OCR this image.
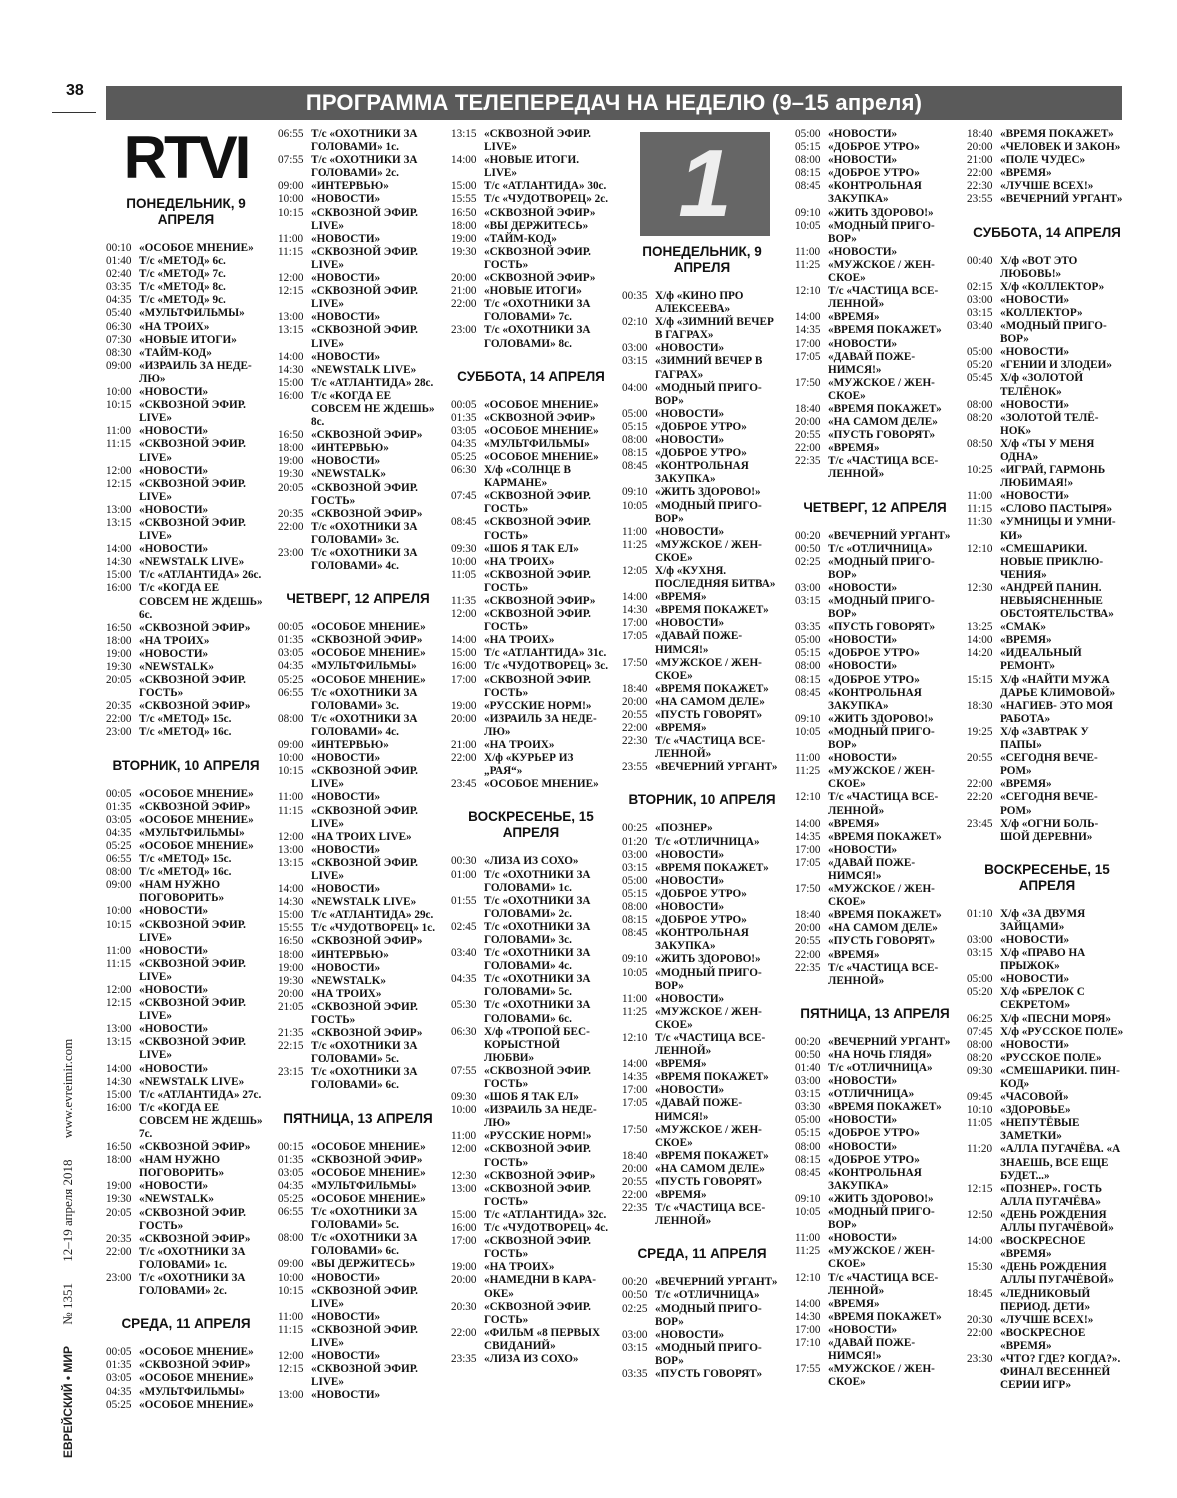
38	ПРОГРАММА ТЕЛЕПЕРЕДАЧ НА НЕДЕЛЮ (9–15 апреля)
ЕВРЕЙСКИЙ • МИР № 1351 12–19 апреля 2018 www.evreimir.com
RTVI
ПОНЕДЕЛЬНИК, 9 АПРЕЛЯ
00:10 «ОСОБОЕ МНЕНИЕ»
01:40 Т/с «МЕТОД» 6с.
02:40 Т/с «МЕТОД» 7с.
03:35 Т/с «МЕТОД» 8с.
04:35 Т/с «МЕТОД» 9с.
05:40 «МУЛЬТФИЛЬМЫ»
06:30 «НА ТРОИХ»
07:30 «НОВЫЕ ИТОГИ»
08:30 «ТАЙМ-КОД»
09:00 «ИЗРАИЛЬ ЗА НЕДЕ-ЛЮ»
10:00 «НОВОСТИ»
10:15 «СКВОЗНОЙ ЭФИР. LIVE»
11:00 «НОВОСТИ»
11:15 «СКВОЗНОЙ ЭФИР. LIVE»
12:00 «НОВОСТИ»
12:15 «СКВОЗНОЙ ЭФИР. LIVE»
13:00 «НОВОСТИ»
13:15 «СКВОЗНОЙ ЭФИР. LIVE»
14:00 «НОВОСТИ»
14:30 «NEWSTALK LIVE»
15:00 Т/с «АТЛАНТИДА» 26с.
16:00 Т/с «КОГДА ЕЕ СОВСЕМ НЕ ЖДЕШЬ» 6с.
16:50 «СКВОЗНОЙ ЭФИР»
18:00 «НА ТРОИХ»
19:00 «НОВОСТИ»
19:30 «NEWSTALK»
20:05 «СКВОЗНОЙ ЭФИР. ГОСТЬ»
20:35 «СКВОЗНОЙ ЭФИР»
22:00 Т/с «МЕТОД» 15с.
23:00 Т/с «МЕТОД» 16с.
ВТОРНИК, 10 АПРЕЛЯ
00:05 «ОСОБОЕ МНЕНИЕ»
01:35 «СКВОЗНОЙ ЭФИР»
03:05 «ОСОБОЕ МНЕНИЕ»
04:35 «МУЛЬТФИЛЬМЫ»
05:25 «ОСОБОЕ МНЕНИЕ»
06:55 Т/с «МЕТОД» 15с.
08:00 Т/с «МЕТОД» 16с.
09:00 «НАМ НУЖНО ПОГОВОРИТЬ»
10:00 «НОВОСТИ»
10:15 «СКВОЗНОЙ ЭФИР. LIVE»
11:00 «НОВОСТИ»
11:15 «СКВОЗНОЙ ЭФИР. LIVE»
12:00 «НОВОСТИ»
12:15 «СКВОЗНОЙ ЭФИР. LIVE»
13:00 «НОВОСТИ»
13:15 «СКВОЗНОЙ ЭФИР. LIVE»
14:00 «НОВОСТИ»
14:30 «NEWSTALK LIVE»
15:00 Т/с «АТЛАНТИДА» 27с.
16:00 Т/с «КОГДА ЕЕ СОВСЕМ НЕ ЖДЕШЬ» 7с.
16:50 «СКВОЗНОЙ ЭФИР»
18:00 «НАМ НУЖНО ПОГОВОРИТЬ»
19:00 «НОВОСТИ»
19:30 «NEWSTALK»
20:05 «СКВОЗНОЙ ЭФИР. ГОСТЬ»
20:35 «СКВОЗНОЙ ЭФИР»
22:00 Т/с «ОХОТНИКИ ЗА ГОЛОВАМИ» 1с.
23:00 Т/с «ОХОТНИКИ ЗА ГОЛОВАМИ» 2с.
СРЕДА, 11 АПРЕЛЯ
00:05 «ОСОБОЕ МНЕНИЕ»
01:35 «СКВОЗНОЙ ЭФИР»
03:05 «ОСОБОЕ МНЕНИЕ»
04:35 «МУЛЬТФИЛЬМЫ»
05:25 «ОСОБОЕ МНЕНИЕ»
06:55 Т/с «ОХОТНИКИ ЗА ГОЛОВАМИ» 1с.
07:55 Т/с «ОХОТНИКИ ЗА ГОЛОВАМИ» 2с.
09:00 «ИНТЕРВЬЮ»
10:00 «НОВОСТИ»
10:15 «СКВОЗНОЙ ЭФИР. LIVE»
11:00 «НОВОСТИ»
11:15 «СКВОЗНОЙ ЭФИР. LIVE»
12:00 «НОВОСТИ»
12:15 «СКВОЗНОЙ ЭФИР. LIVE»
13:00 «НОВОСТИ»
13:15 «СКВОЗНОЙ ЭФИР. LIVE»
14:00 «НОВОСТИ»
14:30 «NEWSTALK LIVE»
15:00 Т/с «АТЛАНТИДА» 28с.
16:00 Т/с «КОГДА ЕЕ СОВСЕМ НЕ ЖДЕШЬ» 8с.
16:50 «СКВОЗНОЙ ЭФИР»
18:00 «ИНТЕРВЬЮ»
19:00 «НОВОСТИ»
19:30 «NEWSTALK»
20:05 «СКВОЗНОЙ ЭФИР. ГОСТЬ»
20:35 «СКВОЗНОЙ ЭФИР»
22:00 Т/с «ОХОТНИКИ ЗА ГОЛОВАМИ» 3с.
23:00 Т/с «ОХОТНИКИ ЗА ГОЛОВАМИ» 4с.
ЧЕТВЕРГ, 12 АПРЕЛЯ
00:05 «ОСОБОЕ МНЕНИЕ»
01:35 «СКВОЗНОЙ ЭФИР»
03:05 «ОСОБОЕ МНЕНИЕ»
04:35 «МУЛЬТФИЛЬМЫ»
05:25 «ОСОБОЕ МНЕНИЕ»
06:55 Т/с «ОХОТНИКИ ЗА ГОЛОВАМИ» 3с.
08:00 Т/с «ОХОТНИКИ ЗА ГОЛОВАМИ» 4с.
09:00 «ИНТЕРВЬЮ»
10:00 «НОВОСТИ»
10:15 «СКВОЗНОЙ ЭФИР. LIVE»
11:00 «НОВОСТИ»
11:15 «СКВОЗНОЙ ЭФИР. LIVE»
12:00 «НА ТРОИХ LIVE»
13:00 «НОВОСТИ»
13:15 «СКВОЗНОЙ ЭФИР. LIVE»
14:00 «НОВОСТИ»
14:30 «NEWSTALK LIVE»
15:00 Т/с «АТЛАНТИДА» 29с.
15:55 Т/с «ЧУДОТВОРЕЦ» 1с.
16:50 «СКВОЗНОЙ ЭФИР»
18:00 «ИНТЕРВЬЮ»
19:00 «НОВОСТИ»
19:30 «NEWSTALK»
20:00 «НА ТРОИХ»
21:05 «СКВОЗНОЙ ЭФИР. ГОСТЬ»
21:35 «СКВОЗНОЙ ЭФИР»
22:15 Т/с «ОХОТНИКИ ЗА ГОЛОВАМИ» 5с.
23:15 Т/с «ОХОТНИКИ ЗА ГОЛОВАМИ» 6с.
ПЯТНИЦА, 13 АПРЕЛЯ
00:15 «ОСОБОЕ МНЕНИЕ»
01:35 «СКВОЗНОЙ ЭФИР»
03:05 «ОСОБОЕ МНЕНИЕ»
04:35 «МУЛЬТФИЛЬМЫ»
05:25 «ОСОБОЕ МНЕНИЕ»
06:55 Т/с «ОХОТНИКИ ЗА ГОЛОВАМИ» 5с.
08:00 Т/с «ОХОТНИКИ ЗА ГОЛОВАМИ» 6с.
09:00 «ВЫ ДЕРЖИТЕСЬ»
10:00 «НОВОСТИ»
10:15 «СКВОЗНОЙ ЭФИР. LIVE»
11:00 «НОВОСТИ»
11:15 «СКВОЗНОЙ ЭФИР. LIVE»
12:00 «НОВОСТИ»
12:15 «СКВОЗНОЙ ЭФИР. LIVE»
13:00 «НОВОСТИ»
13:15 «СКВОЗНОЙ ЭФИР. LIVE»
14:00 «НОВЫЕ ИТОГИ. LIVE»
15:00 Т/с «АТЛАНТИДА» 30с.
15:55 Т/с «ЧУДОТВОРЕЦ» 2с.
16:50 «СКВОЗНОЙ ЭФИР»
18:00 «ВЫ ДЕРЖИТЕСЬ»
19:00 «ТАЙМ-КОД»
19:30 «СКВОЗНОЙ ЭФИР. ГОСТЬ»
20:00 «СКВОЗНОЙ ЭФИР»
21:00 «НОВЫЕ ИТОГИ»
22:00 Т/с «ОХОТНИКИ ЗА ГОЛОВАМИ» 7с.
23:00 Т/с «ОХОТНИКИ ЗА ГОЛОВАМИ» 8с.
СУББОТА, 14 АПРЕЛЯ
00:05 «ОСОБОЕ МНЕНИЕ»
01:35 «СКВОЗНОЙ ЭФИР»
03:05 «ОСОБОЕ МНЕНИЕ»
04:35 «МУЛЬТФИЛЬМЫ»
05:25 «ОСОБОЕ МНЕНИЕ»
06:30 Х/ф «СОЛНЦЕ В КАРМАНЕ»
07:45 «СКВОЗНОЙ ЭФИР. ГОСТЬ»
08:45 «СКВОЗНОЙ ЭФИР. ГОСТЬ»
09:30 «ШОБ Я ТАК ЕЛ»
10:00 «НА ТРОИХ»
11:05 «СКВОЗНОЙ ЭФИР. ГОСТЬ»
11:35 «СКВОЗНОЙ ЭФИР»
12:00 «СКВОЗНОЙ ЭФИР. ГОСТЬ»
14:00 «НА ТРОИХ»
15:00 Т/с «АТЛАНТИДА» 31с.
16:00 Т/с «ЧУДОТВОРЕЦ» 3с.
17:00 «СКВОЗНОЙ ЭФИР. ГОСТЬ»
19:00 «РУССКИЕ НОРМ!»
20:00 «ИЗРАИЛЬ ЗА НЕДЕ-ЛЮ»
21:00 «НА ТРОИХ»
22:00 Х/ф «КУРЬЕР ИЗ „РАЯ“»
23:45 «ОСОБОЕ МНЕНИЕ»
ВОСКРЕСЕНЬЕ, 15 АПРЕЛЯ
00:30 «ЛИЗА ИЗ СОХО»
01:00 Т/с «ОХОТНИКИ ЗА ГОЛОВАМИ» 1с.
01:55 Т/с «ОХОТНИКИ ЗА ГОЛОВАМИ» 2с.
02:45 Т/с «ОХОТНИКИ ЗА ГОЛОВАМИ» 3с.
03:40 Т/с «ОХОТНИКИ ЗА ГОЛОВАМИ» 4с.
04:35 Т/с «ОХОТНИКИ ЗА ГОЛОВАМИ» 5с.
05:30 Т/с «ОХОТНИКИ ЗА ГОЛОВАМИ» 6с.
06:30 Х/ф «ТРОПОЙ БЕС-КОРЫСТНОЙ ЛЮБВИ»
07:55 «СКВОЗНОЙ ЭФИР. ГОСТЬ»
09:30 «ШОБ Я ТАК ЕЛ»
10:00 «ИЗРАИЛЬ ЗА НЕДЕ-ЛЮ»
11:00 «РУССКИЕ НОРМ!»
12:00 «СКВОЗНОЙ ЭФИР. ГОСТЬ»
12:30 «СКВОЗНОЙ ЭФИР»
13:00 «СКВОЗНОЙ ЭФИР. ГОСТЬ»
15:00 Т/с «АТЛАНТИДА» 32с.
16:00 Т/с «ЧУДОТВОРЕЦ» 4с.
17:00 «СКВОЗНОЙ ЭФИР. ГОСТЬ»
19:00 «НА ТРОИХ»
20:00 «НАМЕДНИ В КАРА-ОКЕ»
20:30 «СКВОЗНОЙ ЭФИР. ГОСТЬ»
22:00 «ФИЛЬМ «8 ПЕРВЫХ СВИДАНИЙ»
23:35 «ЛИЗА ИЗ СОХО»
1
ПОНЕДЕЛЬНИК, 9 АПРЕЛЯ
00:35 Х/ф «КИНО ПРО АЛЕКСЕЕВА»
02:10 Х/ф «ЗИМНИЙ ВЕЧЕР В ГАГРАХ»
03:00 «НОВОСТИ»
03:15 «ЗИМНИЙ ВЕЧЕР В ГАГРАХ»
04:00 «МОДНЫЙ ПРИГО-ВОР»
05:00 «НОВОСТИ»
05:15 «ДОБРОЕ УТРО»
08:00 «НОВОСТИ»
08:15 «ДОБРОЕ УТРО»
08:45 «КОНТРОЛЬНАЯ ЗАКУПКА»
09:10 «ЖИТЬ ЗДОРОВО!»
10:05 «МОДНЫЙ ПРИГО-ВОР»
11:00 «НОВОСТИ»
11:25 «МУЖСКОЕ / ЖЕН-СКОЕ»
12:05 Х/ф «КУХНЯ. ПОСЛЕДНЯЯ БИТВА»
14:00 «ВРЕМЯ»
14:30 «ВРЕМЯ ПОКАЖЕТ»
17:00 «НОВОСТИ»
17:05 «ДАВАЙ ПОЖЕ-НИМСЯ!»
17:50 «МУЖСКОЕ / ЖЕН-СКОЕ»
18:40 «ВРЕМЯ ПОКАЖЕТ»
20:00 «НА САМОМ ДЕЛЕ»
20:55 «ПУСТЬ ГОВОРЯТ»
22:00 «ВРЕМЯ»
22:30 Т/с «ЧАСТИЦА ВСЕ-ЛЕННОЙ»
23:55 «ВЕЧЕРНИЙ УРГАНТ»
ВТОРНИК, 10 АПРЕЛЯ
00:25 «ПОЗНЕР»
01:20 Т/с «ОТЛИЧНИЦА»
03:00 «НОВОСТИ»
03:15 «ВРЕМЯ ПОКАЖЕТ»
05:00 «НОВОСТИ»
05:15 «ДОБРОЕ УТРО»
08:00 «НОВОСТИ»
08:15 «ДОБРОЕ УТРО»
08:45 «КОНТРОЛЬНАЯ ЗАКУПКА»
09:10 «ЖИТЬ ЗДОРОВО!»
10:05 «МОДНЫЙ ПРИГО-ВОР»
11:00 «НОВОСТИ»
11:25 «МУЖСКОЕ / ЖЕН-СКОЕ»
12:10 Т/с «ЧАСТИЦА ВСЕ-ЛЕННОЙ»
14:00 «ВРЕМЯ»
14:35 «ВРЕМЯ ПОКАЖЕТ»
17:00 «НОВОСТИ»
17:05 «ДАВАЙ ПОЖЕ-НИМСЯ!»
17:50 «МУЖСКОЕ / ЖЕН-СКОЕ»
18:40 «ВРЕМЯ ПОКАЖЕТ»
20:00 «НА САМОМ ДЕЛЕ»
20:55 «ПУСТЬ ГОВОРЯТ»
22:00 «ВРЕМЯ»
22:35 Т/с «ЧАСТИЦА ВСЕ-ЛЕННОЙ»
СРЕДА, 11 АПРЕЛЯ
00:20 «ВЕЧЕРНИЙ УРГАНТ»
00:50 Т/с «ОТЛИЧНИЦА»
02:25 «МОДНЫЙ ПРИГО-ВОР»
03:00 «НОВОСТИ»
03:15 «МОДНЫЙ ПРИГО-ВОР»
03:35 «ПУСТЬ ГОВОРЯТ»
05:00 «НОВОСТИ»
05:15 «ДОБРОЕ УТРО»
08:00 «НОВОСТИ»
08:15 «ДОБРОЕ УТРО»
08:45 «КОНТРОЛЬНАЯ ЗАКУПКА»
09:10 «ЖИТЬ ЗДОРОВО!»
10:05 «МОДНЫЙ ПРИГО-ВОР»
11:00 «НОВОСТИ»
11:25 «МУЖСКОЕ / ЖЕН-СКОЕ»
12:10 Т/с «ЧАСТИЦА ВСЕ-ЛЕННОЙ»
14:00 «ВРЕМЯ»
14:35 «ВРЕМЯ ПОКАЖЕТ»
17:00 «НОВОСТИ»
17:05 «ДАВАЙ ПОЖЕ-НИМСЯ!»
17:50 «МУЖСКОЕ / ЖЕН-СКОЕ»
18:40 «ВРЕМЯ ПОКАЖЕТ»
20:00 «НА САМОМ ДЕЛЕ»
20:55 «ПУСТЬ ГОВОРЯТ»
22:00 «ВРЕМЯ»
22:35 Т/с «ЧАСТИЦА ВСЕ-ЛЕННОЙ»
ЧЕТВЕРГ, 12 АПРЕЛЯ
00:20 «ВЕЧЕРНИЙ УРГАНТ»
00:50 Т/с «ОТЛИЧНИЦА»
02:25 «МОДНЫЙ ПРИГО-ВОР»
03:00 «НОВОСТИ»
03:15 «МОДНЫЙ ПРИГО-ВОР»
03:35 «ПУСТЬ ГОВОРЯТ»
05:00 «НОВОСТИ»
05:15 «ДОБРОЕ УТРО»
08:00 «НОВОСТИ»
08:15 «ДОБРОЕ УТРО»
08:45 «КОНТРОЛЬНАЯ ЗАКУПКА»
09:10 «ЖИТЬ ЗДОРОВО!»
10:05 «МОДНЫЙ ПРИГО-ВОР»
11:00 «НОВОСТИ»
11:25 «МУЖСКОЕ / ЖЕН-СКОЕ»
12:10 Т/с «ЧАСТИЦА ВСЕ-ЛЕННОЙ»
14:00 «ВРЕМЯ»
14:35 «ВРЕМЯ ПОКАЖЕТ»
17:00 «НОВОСТИ»
17:05 «ДАВАЙ ПОЖЕ-НИМСЯ!»
17:50 «МУЖСКОЕ / ЖЕН-СКОЕ»
18:40 «ВРЕМЯ ПОКАЖЕТ»
20:00 «НА САМОМ ДЕЛЕ»
20:55 «ПУСТЬ ГОВОРЯТ»
22:00 «ВРЕМЯ»
22:35 Т/с «ЧАСТИЦА ВСЕ-ЛЕННОЙ»
ПЯТНИЦА, 13 АПРЕЛЯ
00:20 «ВЕЧЕРНИЙ УРГАНТ»
00:50 «НА НОЧЬ ГЛЯДЯ»
01:40 Т/с «ОТЛИЧНИЦА»
03:00 «НОВОСТИ»
03:15 «ОТЛИЧНИЦА»
03:30 «ВРЕМЯ ПОКАЖЕТ»
05:00 «НОВОСТИ»
05:15 «ДОБРОЕ УТРО»
08:00 «НОВОСТИ»
08:15 «ДОБРОЕ УТРО»
08:45 «КОНТРОЛЬНАЯ ЗАКУПКА»
09:10 «ЖИТЬ ЗДОРОВО!»
10:05 «МОДНЫЙ ПРИГО-ВОР»
11:00 «НОВОСТИ»
11:25 «МУЖСКОЕ / ЖЕН-СКОЕ»
12:10 Т/с «ЧАСТИЦА ВСЕ-ЛЕННОЙ»
14:00 «ВРЕМЯ»
14:30 «ВРЕМЯ ПОКАЖЕТ»
17:00 «НОВОСТИ»
17:10 «ДАВАЙ ПОЖЕ-НИМСЯ!»
17:55 «МУЖСКОЕ / ЖЕН-СКОЕ»
18:40 «ВРЕМЯ ПОКАЖЕТ»
20:00 «ЧЕЛОВЕК И ЗАКОН»
21:00 «ПОЛЕ ЧУДЕС»
22:00 «ВРЕМЯ»
22:30 «ЛУЧШЕ ВСЕХ!»
23:55 «ВЕЧЕРНИЙ УРГАНТ»
СУББОТА, 14 АПРЕЛЯ
00:40 Х/ф «ВОТ ЭТО ЛЮБОВЬ!»
02:15 Х/ф «КОЛЛЕКТОР»
03:00 «НОВОСТИ»
03:15 «КОЛЛЕКТОР»
03:40 «МОДНЫЙ ПРИГО-ВОР»
05:00 «НОВОСТИ»
05:20 «ГЕНИИ И ЗЛОДЕИ»
05:45 Х/ф «ЗОЛОТОЙ ТЕЛЁНОК»
08:00 «НОВОСТИ»
08:20 «ЗОЛОТОЙ ТЕЛЁ-НОК»
08:50 Х/ф «ТЫ У МЕНЯ ОДНА»
10:25 «ИГРАЙ, ГАРМОНЬ ЛЮБИМАЯ!»
11:00 «НОВОСТИ»
11:15 «СЛОВО ПАСТЫРЯ»
11:30 «УМНИЦЫ И УМНИ-КИ»
12:10 «СМЕШАРИКИ. НОВЫЕ ПРИКЛЮ-ЧЕНИЯ»
12:30 «АНДРЕЙ ПАНИН. НЕВЫЯСНЕННЫЕ ОБСТОЯТЕЛЬСТВА»
13:25 «СМАК»
14:00 «ВРЕМЯ»
14:20 «ИДЕАЛЬНЫЙ РЕМОНТ»
15:15 Х/ф «НАЙТИ МУЖА ДАРЬЕ КЛИМОВОЙ»
18:30 «НАГИЕВ- ЭТО МОЯ РАБОТА»
19:25 Х/ф «ЗАВТРАК У ПАПЫ»
20:55 «СЕГОДНЯ ВЕЧЕ-РОМ»
22:00 «ВРЕМЯ»
22:20 «СЕГОДНЯ ВЕЧЕ-РОМ»
23:45 Х/ф «ОГНИ БОЛЬ-ШОЙ ДЕРЕВНИ»
ВОСКРЕСЕНЬЕ, 15 АПРЕЛЯ
01:10 Х/ф «ЗА ДВУМЯ ЗАЙЦАМИ»
03:00 «НОВОСТИ»
03:15 Х/ф «ПРАВО НА ПРЫЖОК»
05:00 «НОВОСТИ»
05:20 Х/ф «БРЕЛОК С СЕКРЕТОМ»
06:25 Х/ф «ПЕСНИ МОРЯ»
07:45 Х/ф «РУССКОЕ ПОЛЕ»
08:00 «НОВОСТИ»
08:20 «РУССКОЕ ПОЛЕ»
09:30 «СМЕШАРИКИ. ПИН-КОД»
09:45 «ЧАСОВОЙ»
10:10 «ЗДОРОВЬЕ»
11:05 «НЕПУТЁВЫЕ ЗАМЕТКИ»
11:20 «АЛЛА ПУГАЧЁВА. «А ЗНАЕШЬ, ВСЕ ЕЩЕ БУДЕТ...»
12:15 «ПОЗНЕР». ГОСТЬ АЛЛА ПУГАЧЁВА»
12:50 «ДЕНЬ РОЖДЕНИЯ АЛЛЫ ПУГАЧЁВОЙ»
14:00 «ВОСКРЕСНОЕ «ВРЕМЯ»
15:30 «ДЕНЬ РОЖДЕНИЯ АЛЛЫ ПУГАЧЁВОЙ»
18:45 «ЛЕДНИКОВЫЙ ПЕРИОД. ДЕТИ»
20:30 «ЛУЧШЕ ВСЕХ!»
22:00 «ВОСКРЕСНОЕ «ВРЕМЯ»
23:30 «ЧТО? ГДЕ? КОГДА?». ФИНАЛ ВЕСЕННЕЙ СЕРИИ ИГР»
